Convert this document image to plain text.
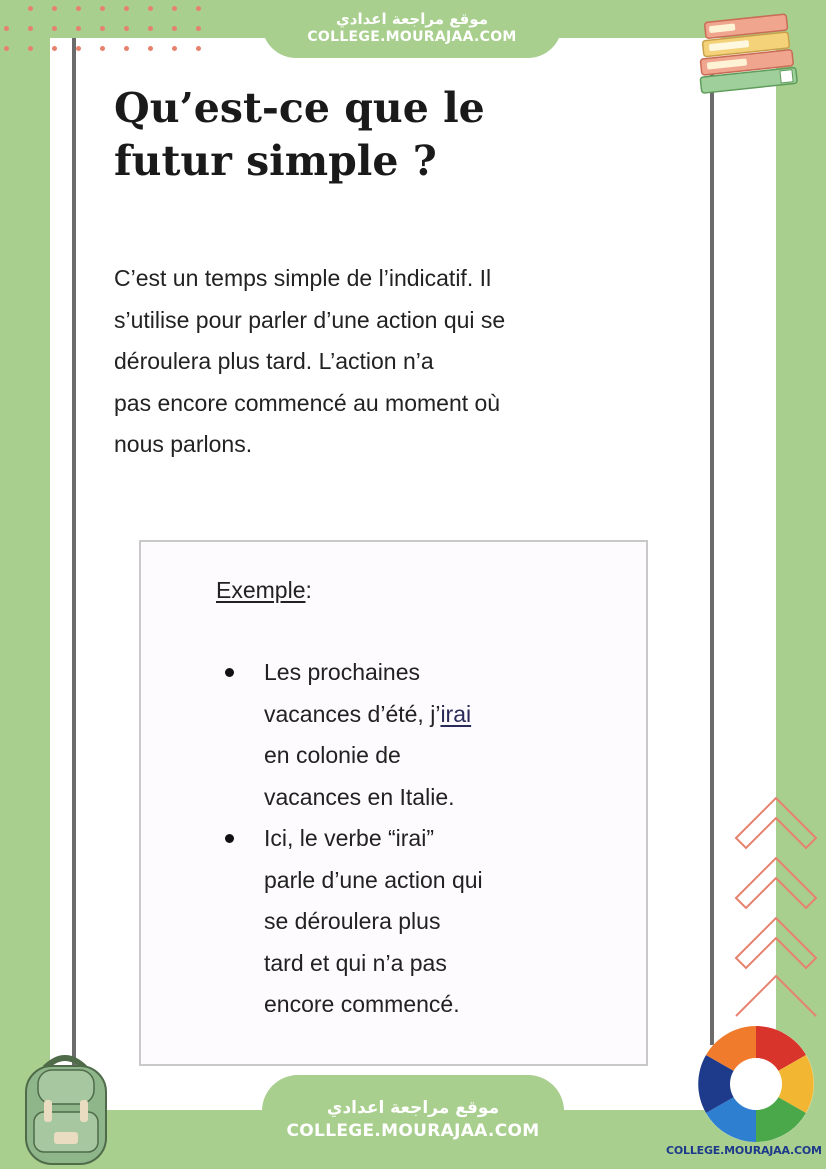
موقع مراجعة اعدادي
COLLEGE.MOURAJAA.COM
Qu’est-ce que le
futur simple ?

C’est un temps simple de l’indicatif. Il
s’utilise pour parler d’une action qui se
déroulera plus tard. L’action n’a
pas encore commencé au moment où
nous parlons.

Exemple:
Les prochaines
vacances d’été, j’irai
en colonie de
vacances en Italie.
Ici, le verbe “irai”
parle d’une action qui
se déroulera plus
tard et qui n’a pas
encore commencé.
موقع مراجعة اعدادي
COLLEGE.MOURAJAA.COM
COLLEGE.MOURAJAA.COM
